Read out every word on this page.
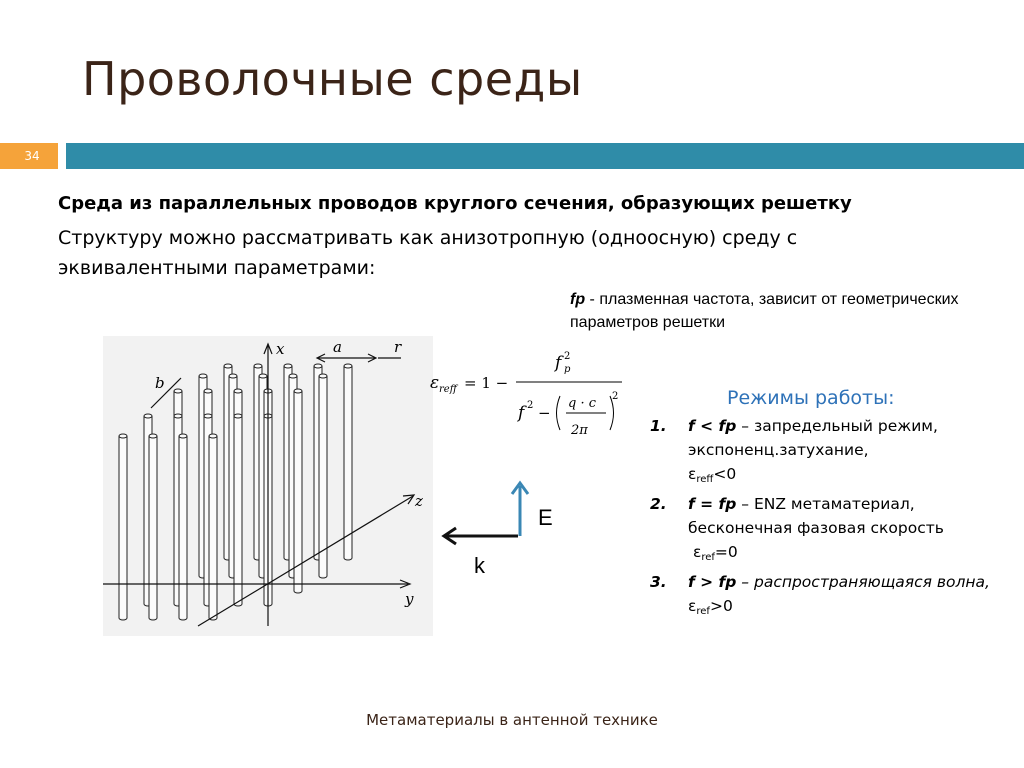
Проволочные среды
34
Среда из параллельных проводов круглого сечения, образующих решетку
Структуру можно рассматривать как анизотропную (одноосную) среду с эквивалентными параметрами:
fp - плазменная частота, зависит от геометрических параметров решетки
x
y
z
a	r
b	ε reff = 1 −
f p
2
f 2 −
q · c
2π
2
E
k
Режимы работы:
1. f < fp – запредельный режим, экспоненц.затухание,
$\varepsilon_{reff}<0$
2. f = fp – ENZ метаматериал, бесконечная фазовая скорость
$\varepsilon_{ref}=0$
3. f > fp – распространяющаяся волна, $\varepsilon_{ref}>0$
Метаматериалы в антенной технике
